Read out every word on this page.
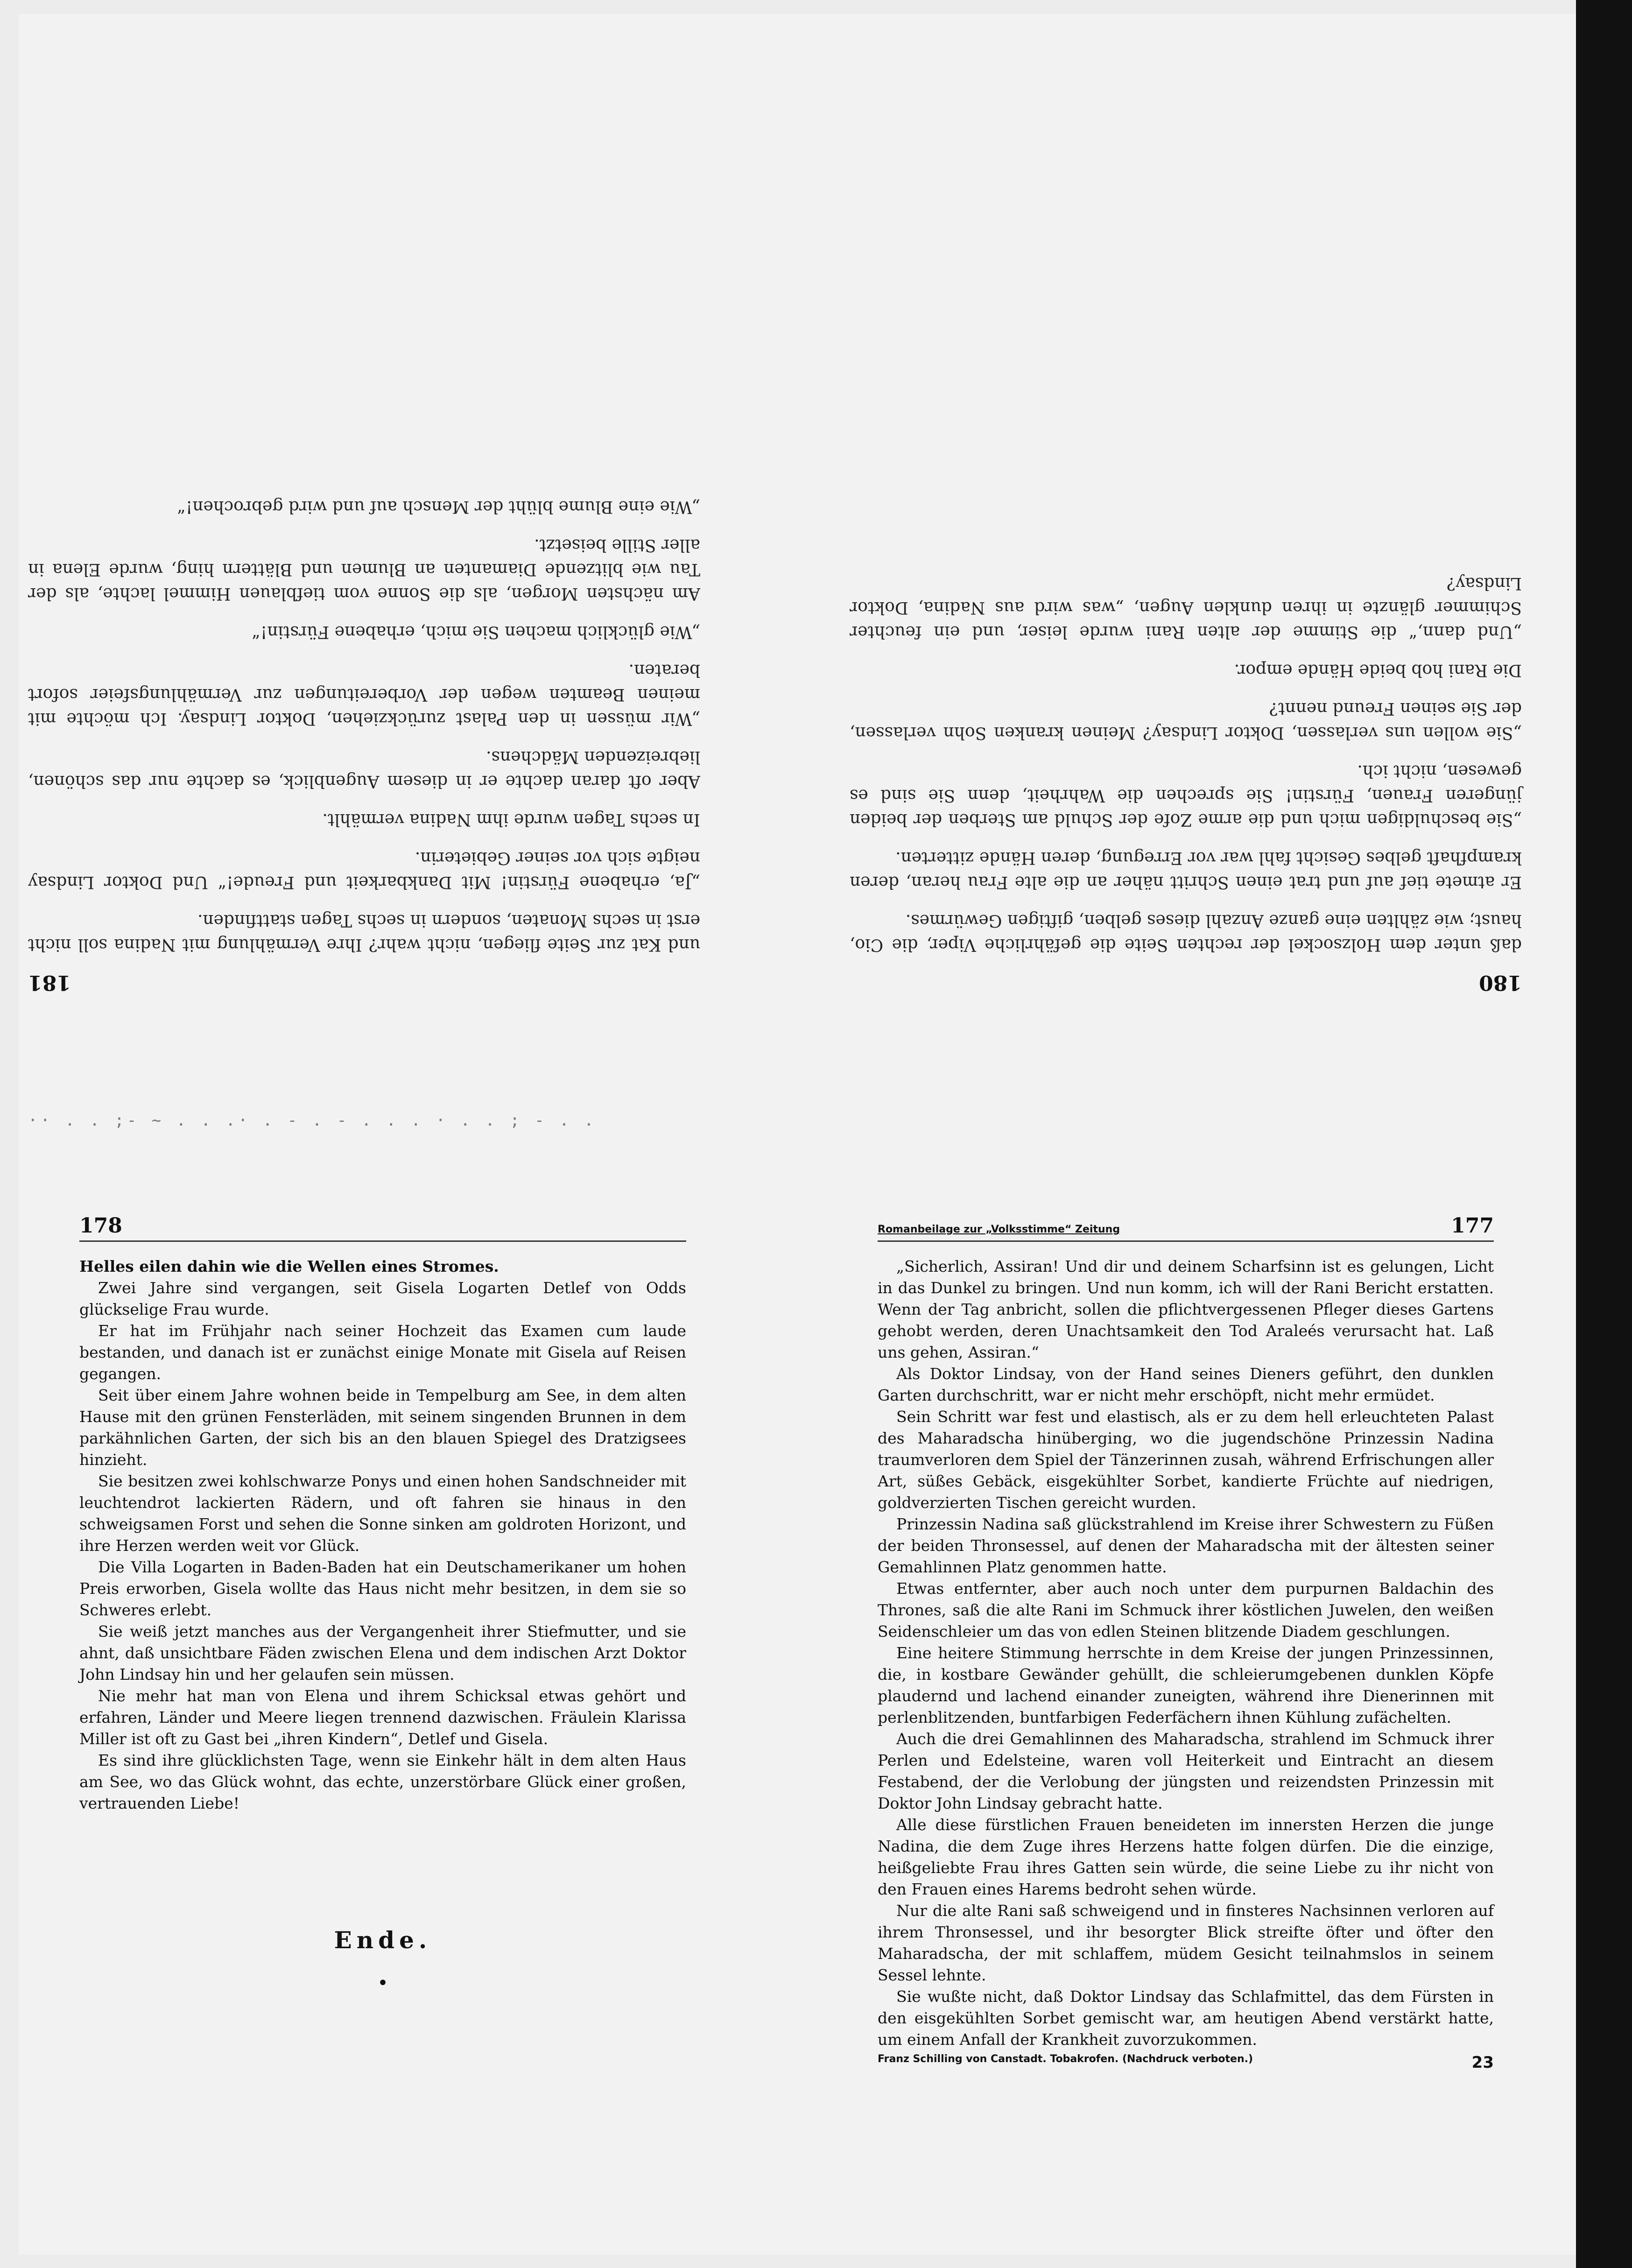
180

daß unter dem Holzsockel der rechten Seite die gefährliche Viper, die Cio, haust; wie zählten eine ganze Anzahl dieses gelben, giftigen Gewürmes.

Er atmete tief auf und trat einen Schritt näher an die alte Frau heran, deren krampfhaft gelbes Gesicht fahl war vor Erregung, deren Hände zitterten.

„Sie beschuldigen mich und die arme Zofe der Schuld am Sterben der beiden jüngeren Frauen, Fürstin! Sie sprechen die Wahrheit, denn Sie sind es gewesen, nicht ich.

„Sie wollen uns verlassen, Doktor Lindsay? Meinen kranken Sohn verlassen, der Sie seinen Freund nennt?

Die Rani hob beide Hände empor.

„Und dann,“ die Stimme der alten Rani wurde leiser, und ein feuchter Schimmer glänzte in ihren dunklen Augen, „was wird aus Nadina, Doktor Lindsay?

181

und Kat zur Seite fliegen, nicht wahr? Ihre Vermählung mit Nadina soll nicht erst in sechs Monaten, sondern in sechs Tagen stattfinden.

„Ja, erhabene Fürstin! Mit Dankbarkeit und Freude!“ Und Doktor Lindsay neigte sich vor seiner Gebieterin.

In sechs Tagen wurde ihm Nadina vermählt.

Aber oft daran dachte er in diesem Augenblick, es dachte nur das schönen, liebreizenden Mädchens.

„Wir müssen in den Palast zurückziehen, Doktor Lindsay. Ich möchte mit meinen Beamten wegen der Vorbereitungen zur Vermählungsfeier sofort beraten.

„Wie glücklich machen Sie mich, erhabene Fürstin!“

Am nächsten Morgen, als die Sonne vom tiefblauen Himmel lachte, als der Tau wie blitzende Diamanten an Blumen und Blättern hing, wurde Elena in aller Stille beisetzt.

„Wie eine Blume blüht der Mensch auf und wird gebrochen!“

·· . . ;- ~ . . .· . - . - . . . · . . ; - . .
178

Helles eilen dahin wie die Wellen eines Stromes.

Zwei Jahre sind vergangen, seit Gisela Logarten Detlef von Odds glückselige Frau wurde.

Er hat im Frühjahr nach seiner Hochzeit das Examen cum laude bestanden, und danach ist er zunächst einige Monate mit Gisela auf Reisen gegangen.

Seit über einem Jahre wohnen beide in Tempelburg am See, in dem alten Hause mit den grünen Fensterläden, mit seinem singenden Brunnen in dem parkähnlichen Garten, der sich bis an den blauen Spiegel des Dratzigsees hinzieht.

Sie besitzen zwei kohlschwarze Ponys und einen hohen Sandschneider mit leuchtendrot lackierten Rädern, und oft fahren sie hinaus in den schweigsamen Forst und sehen die Sonne sinken am goldroten Horizont, und ihre Herzen werden weit vor Glück.

Die Villa Logarten in Baden-Baden hat ein Deutschamerikaner um hohen Preis erworben, Gisela wollte das Haus nicht mehr besitzen, in dem sie so Schweres erlebt.

Sie weiß jetzt manches aus der Vergangenheit ihrer Stiefmutter, und sie ahnt, daß unsichtbare Fäden zwischen Elena und dem indischen Arzt Doktor John Lindsay hin und her gelaufen sein müssen.

Nie mehr hat man von Elena und ihrem Schicksal etwas gehört und erfahren, Länder und Meere liegen trennend dazwischen. Fräulein Klarissa Miller ist oft zu Gast bei „ihren Kindern“, Detlef und Gisela.

Es sind ihre glücklichsten Tage, wenn sie Einkehr hält in dem alten Haus am See, wo das Glück wohnt, das echte, unzerstörbare Glück einer großen, vertrauenden Liebe!

Ende.
•
Romanbeilage zur „Volksstimme“ Zeitung	177

„Sicherlich, Assiran! Und dir und deinem Scharfsinn ist es gelungen, Licht in das Dunkel zu bringen. Und nun komm, ich will der Rani Bericht erstatten. Wenn der Tag anbricht, sollen die pflichtvergessenen Pfleger dieses Gartens gehobt werden, deren Unachtsamkeit den Tod Araleés verursacht hat. Laß uns gehen, Assiran.“

Als Doktor Lindsay, von der Hand seines Dieners geführt, den dunklen Garten durchschritt, war er nicht mehr erschöpft, nicht mehr ermüdet.

Sein Schritt war fest und elastisch, als er zu dem hell erleuchteten Palast des Maharadscha hinüberging, wo die jugendschöne Prinzessin Nadina traumverloren dem Spiel der Tänzerinnen zusah, während Erfrischungen aller Art, süßes Gebäck, eisgekühlter Sorbet, kandierte Früchte auf niedrigen, goldverzierten Tischen gereicht wurden.

Prinzessin Nadina saß glückstrahlend im Kreise ihrer Schwestern zu Füßen der beiden Thronsessel, auf denen der Maharadscha mit der ältesten seiner Gemahlinnen Platz genommen hatte.

Etwas entfernter, aber auch noch unter dem purpurnen Baldachin des Thrones, saß die alte Rani im Schmuck ihrer köstlichen Juwelen, den weißen Seidenschleier um das von edlen Steinen blitzende Diadem geschlungen.

Eine heitere Stimmung herrschte in dem Kreise der jungen Prinzessinnen, die, in kostbare Gewänder gehüllt, die schleierumgebenen dunklen Köpfe plaudernd und lachend einander zuneigten, während ihre Dienerinnen mit perlenblitzenden, buntfarbigen Federfächern ihnen Kühlung zufächelten.

Auch die drei Gemahlinnen des Maharadscha, strahlend im Schmuck ihrer Perlen und Edelsteine, waren voll Heiterkeit und Eintracht an diesem Festabend, der die Verlobung der jüngsten und reizendsten Prinzessin mit Doktor John Lindsay gebracht hatte.

Alle diese fürstlichen Frauen beneideten im innersten Herzen die junge Nadina, die dem Zuge ihres Herzens hatte folgen dürfen. Die die einzige, heißgeliebte Frau ihres Gatten sein würde, die seine Liebe zu ihr nicht von den Frauen eines Harems bedroht sehen würde.

Nur die alte Rani saß schweigend und in finsteres Nachsinnen verloren auf ihrem Thronsessel, und ihr besorgter Blick streifte öfter und öfter den Maharadscha, der mit schlaffem, müdem Gesicht teilnahmslos in seinem Sessel lehnte.

Sie wußte nicht, daß Doktor Lindsay das Schlafmittel, das dem Fürsten in den eisgekühlten Sorbet gemischt war, am heutigen Abend verstärkt hatte, um einem Anfall der Krankheit zuvorzukommen.

Franz Schilling von Canstadt. Tobakrofen. (Nachdruck verboten.)	23
